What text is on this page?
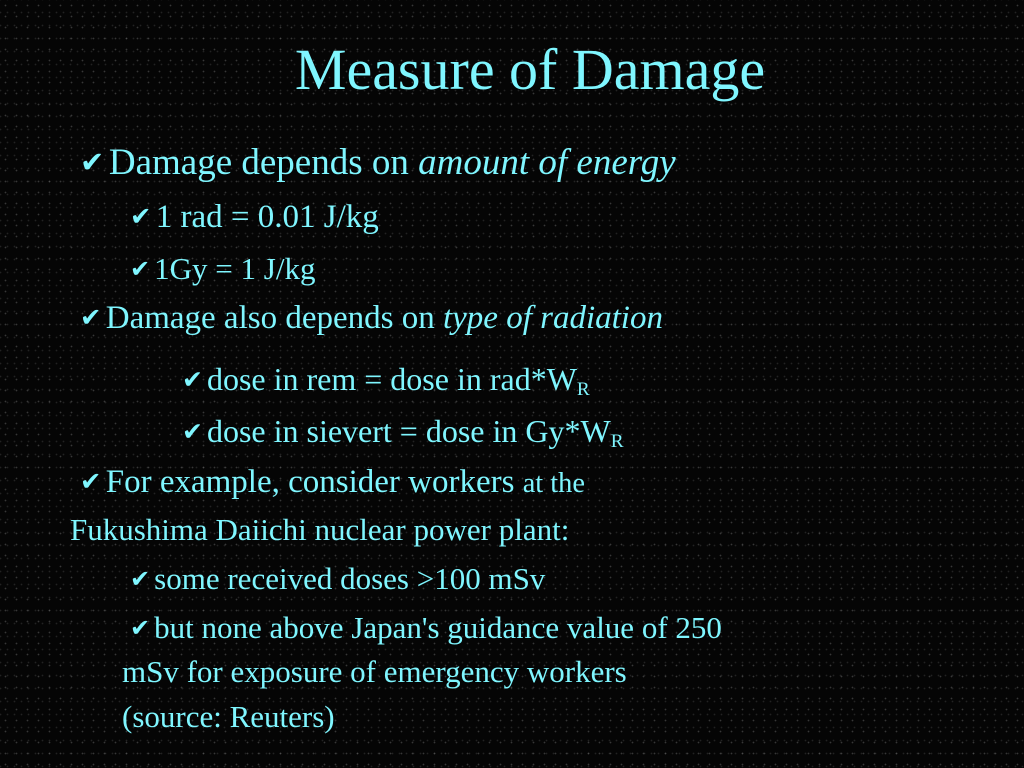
Measure of Damage
✔ Damage depends on amount of energy
✔ 1 rad = 0.01 J/kg
✔ 1Gy = 1 J/kg
✔ Damage also depends on type of radiation
✔ dose in rem = dose in $rad*W_R$
✔ dose in sievert = dose in $Gy*W_R$
✔ For example, consider workers at the
Fukushima Daiichi nuclear power plant:
✔ some received doses >100 mSv
✔ but none above Japan's guidance value of 250
mSv for exposure of emergency workers
(source: Reuters)
